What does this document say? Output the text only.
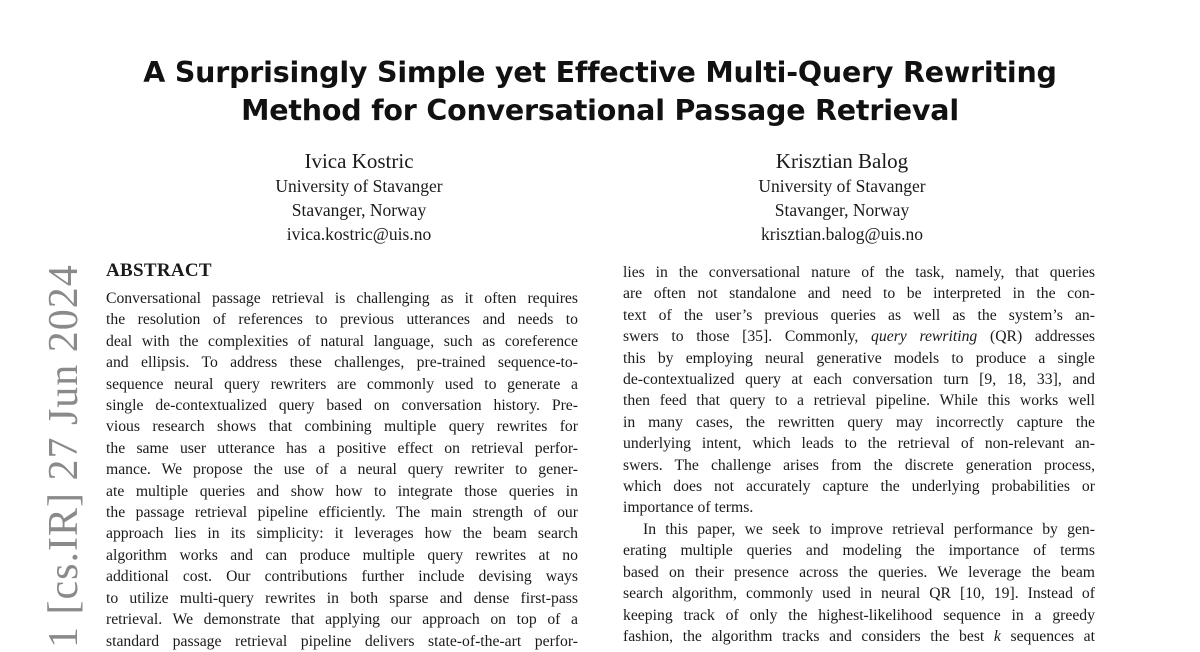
1 [cs.IR] 27 Jun 2024
A Surprisingly Simple yet Effective Multi-Query Rewriting
Method for Conversational Passage Retrieval
Ivica Kostric
University of Stavanger
Stavanger, Norway
ivica.kostric@uis.no
Krisztian Balog
University of Stavanger
Stavanger, Norway
krisztian.balog@uis.no
ABSTRACT
Conversational passage retrieval is challenging as it often requires
the resolution of references to previous utterances and needs to
deal with the complexities of natural language, such as coreference
and ellipsis. To address these challenges, pre-trained sequence-to-
sequence neural query rewriters are commonly used to generate a
single de-contextualized query based on conversation history. Pre-
vious research shows that combining multiple query rewrites for
the same user utterance has a positive effect on retrieval perfor-
mance. We propose the use of a neural query rewriter to gener-
ate multiple queries and show how to integrate those queries in
the passage retrieval pipeline efficiently. The main strength of our
approach lies in its simplicity: it leverages how the beam search
algorithm works and can produce multiple query rewrites at no
additional cost. Our contributions further include devising ways
to utilize multi-query rewrites in both sparse and dense first-pass
retrieval. We demonstrate that applying our approach on top of a
standard passage retrieval pipeline delivers state-of-the-art perfor-
lies in the conversational nature of the task, namely, that queries
are often not standalone and need to be interpreted in the con-
text of the user’s previous queries as well as the system’s an-
swers to those [35]. Commonly, query rewriting (QR) addresses
this by employing neural generative models to produce a single
de-contextualized query at each conversation turn [9, 18, 33], and
then feed that query to a retrieval pipeline. While this works well
in many cases, the rewritten query may incorrectly capture the
underlying intent, which leads to the retrieval of non-relevant an-
swers. The challenge arises from the discrete generation process,
which does not accurately capture the underlying probabilities or
importance of terms.
In this paper, we seek to improve retrieval performance by gen-
erating multiple queries and modeling the importance of terms
based on their presence across the queries. We leverage the beam
search algorithm, commonly used in neural QR [10, 19]. Instead of
keeping track of only the highest-likelihood sequence in a greedy
fashion, the algorithm tracks and considers the best k sequences at
